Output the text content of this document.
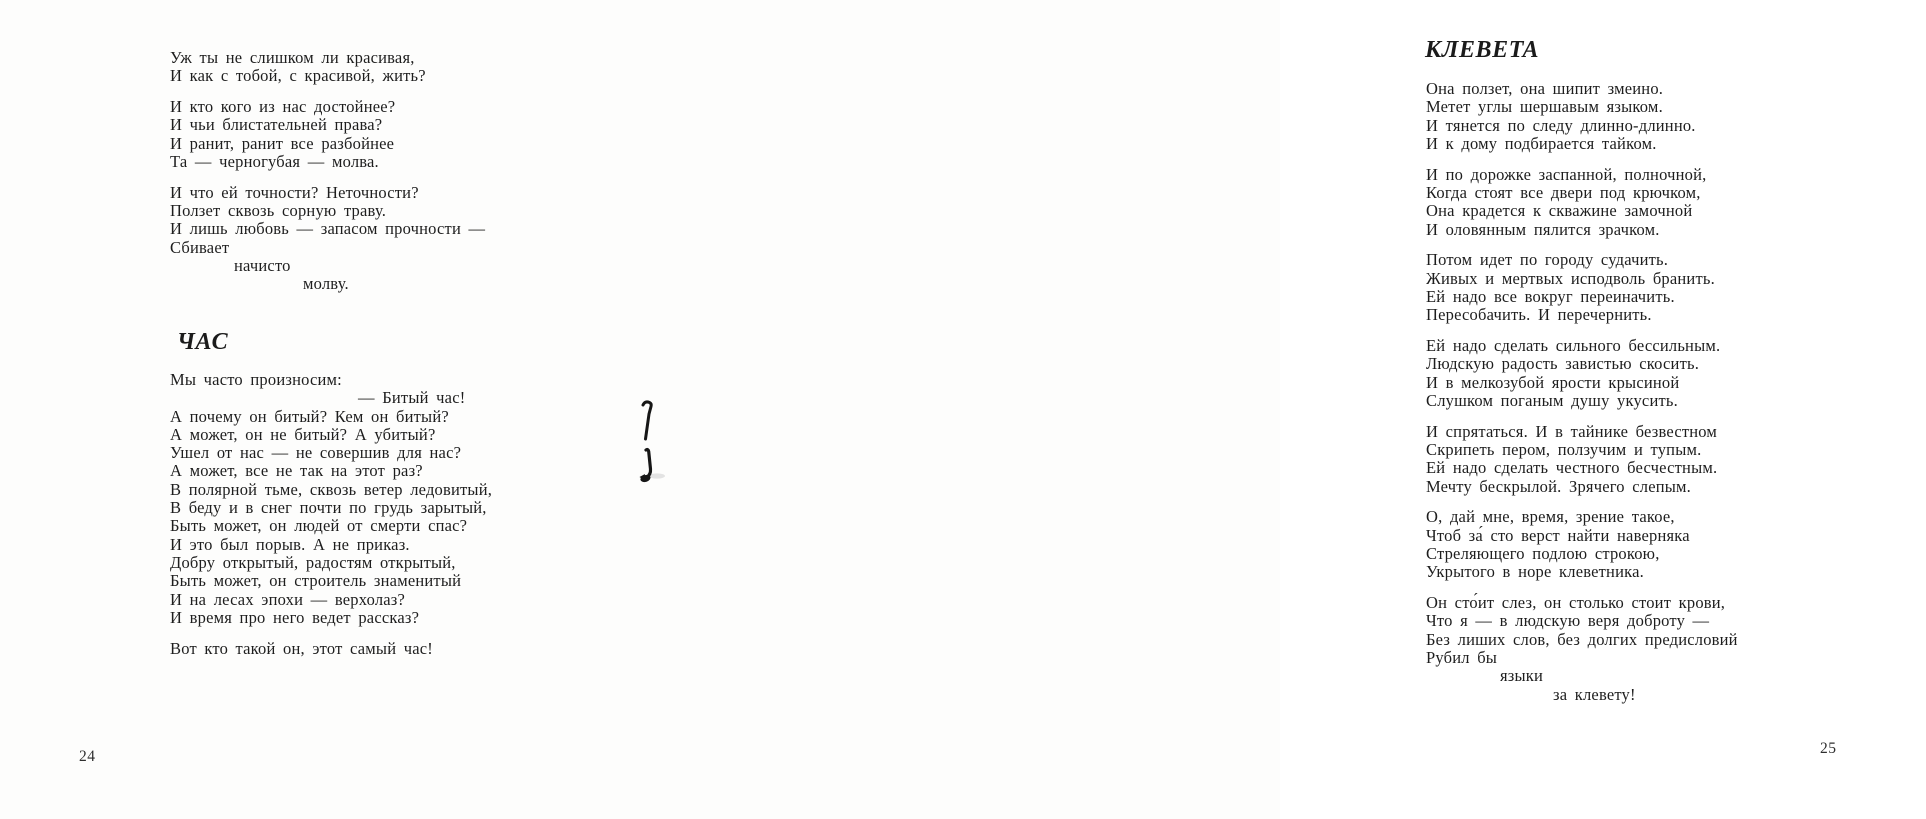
Уж ты не слишком ли красивая,
И как с тобой, с красивой, жить?
И кто кого из нас достойнее?
И чьи блистательней права?
И ранит, ранит все разбойнее
Та — черногубая — молва.
И что ей точности? Неточности?
Ползет сквозь сорную траву.
И лишь любовь — запасом прочности —
Сбивает
начисто
молву.
ЧАС
Мы часто произносим:
— Битый час!
А почему он битый? Кем он битый?
А может, он не битый? А убитый?
Ушел от нас — не совершив для нас?
А может, все не так на этот раз?
В полярной тьме, сквозь ветер ледовитый,
В беду и в снег почти по грудь зарытый,
Быть может, он людей от смерти спас?
И это был порыв. А не приказ.
Добру открытый, радостям открытый,
Быть может, он строитель знаменитый
И на лесах эпохи — верхолаз?
И время про него ведет рассказ?
Вот кто такой он, этот самый час!
24
КЛЕВЕТА
Она ползет, она шипит змеино.
Метет углы шершавым языком.
И тянется по следу длинно-длинно.
И к дому подбирается тайком.
И по дорожке заспанной, полночной,
Когда стоят все двери под крючком,
Она крадется к скважине замочной
И оловянным пялится зрачком.
Потом идет по городу судачить.
Живых и мертвых исподволь бранить.
Ей надо все вокруг переиначить.
Пересобачить. И перечернить.
Ей надо сделать сильного бессильным.
Людскую радость завистью скосить.
И в мелкозубой ярости крысиной
Слушком поганым душу укусить.
И спрятаться. И в тайнике безвестном
Скрипеть пером, ползучим и тупым.
Ей надо сделать честного бесчестным.
Мечту бескрылой. Зрячего слепым.
О, дай мне, время, зрение такое,
Чтоб за́ сто верст найти наверняка
Стреляющего подлою строкою,
Укрытого в норе клеветника.
Он сто́ит слез, он столько стоит крови,
Что я — в людскую веря доброту —
Без лиших слов, без долгих предисловий
Рубил бы
языки
за клевету!
25
